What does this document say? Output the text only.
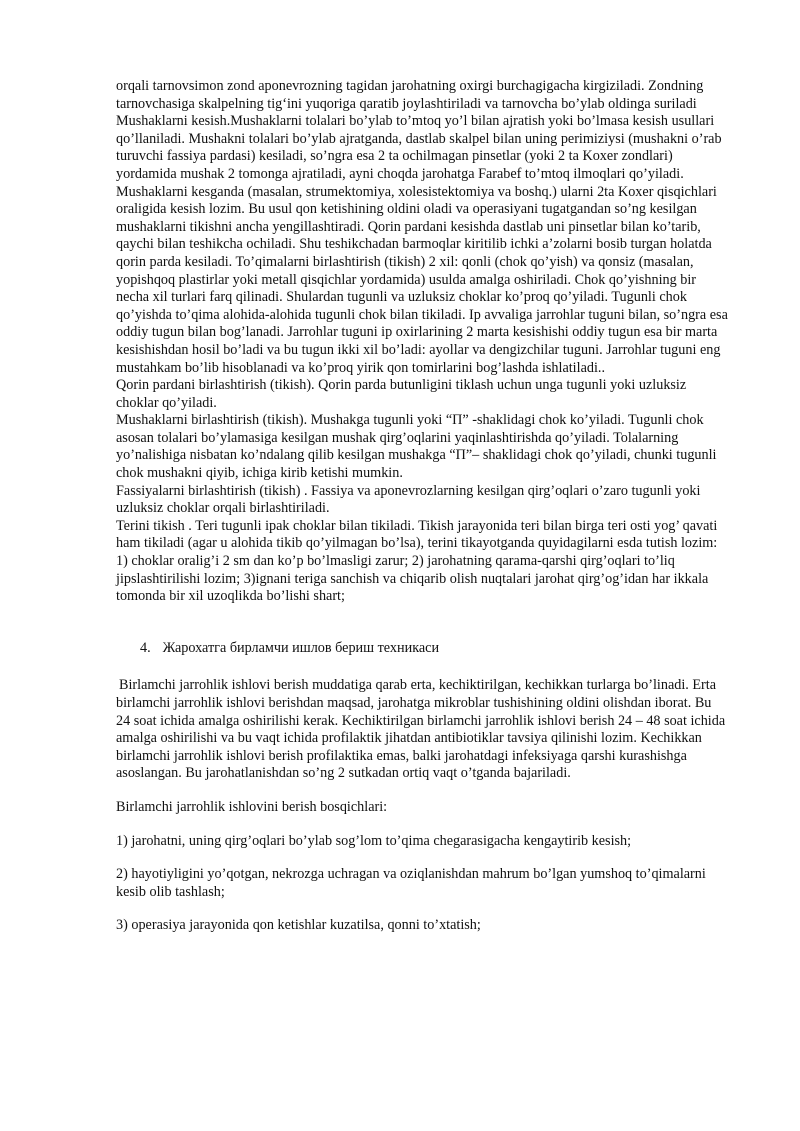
orqali tarnovsimon zond aponevrozning tagidan jarohatning oxirgi burchagigacha kirgiziladi. Zondning tarnovchasiga skalpelning tig‘ini yuqoriga qaratib joylashtiriladi va tarnovcha bo’ylab oldinga suriladi

Mushaklarni kesish.Mushaklarni tolalari bo’ylab to’mtoq yo’l bilan ajratish yoki bo’lmasa kesish usullari qo’llaniladi. Mushakni tolalari bo’ylab ajratganda, dastlab skalpel bilan uning perimiziysi (mushakni o’rab turuvchi fassiya pardasi) kesiladi, so’ngra esa 2 ta ochilmagan pinsetlar (yoki 2 ta Koxer zondlari) yordamida mushak 2 tomonga ajratiladi, ayni choqda jarohatga Farabef to’mtoq ilmoqlari qo’yiladi. Mushaklarni kesganda (masalan, strumektomiya, xolesistektomiya va boshq.) ularni 2ta Koxer qisqichlari oraligida kesish lozim. Bu usul qon ketishining oldini oladi va operasiyani tugatgandan so’ng kesilgan mushaklarni tikishni ancha yengillashtiradi. Qorin pardani kesishda dastlab uni pinsetlar bilan ko’tarib, qaychi bilan teshikcha ochiladi. Shu teshikchadan barmoqlar kiritilib ichki a’zolarni bosib turgan holatda qorin parda kesiladi. To’qimalarni birlashtirish (tikish) 2 xil: qonli (chok qo’yish) va qonsiz (masalan, yopishqoq plastirlar yoki metall qisqichlar yordamida) usulda amalga oshiriladi. Chok qo’yishning bir necha xil turlari farq qilinadi. Shulardan tugunli va uzluksiz choklar ko’proq qo’yiladi. Tugunli chok qo’yishda to’qima alohida-alohida tugunli chok bilan tikiladi. Ip avvaliga jarrohlar tuguni bilan, so’ngra esa oddiy tugun bilan bog’lanadi. Jarrohlar tuguni ip oxirlarining 2 marta kesishishi oddiy tugun esa bir marta kesishishdan hosil bo’ladi va bu tugun ikki xil bo’ladi: ayollar va dengizchilar tuguni. Jarrohlar tuguni eng mustahkam bo’lib hisoblanadi va ko’proq yirik qon tomirlarini bog’lashda ishlatiladi..

Qorin pardani birlashtirish (tikish). Qorin parda butunligini tiklash uchun unga tugunli yoki uzluksiz choklar qo’yiladi.

Mushaklarni birlashtirish (tikish). Mushakga tugunli yoki “П” -shaklidagi chok ko’yiladi. Tugunli chok asosan tolalari bo’ylamasiga kesilgan mushak qirg’oqlarini yaqinlashtirishda qo’yiladi. Tolalarning yo’nalishiga nisbatan ko’ndalang qilib kesilgan mushakga “П”– shaklidagi chok qo’yiladi, chunki tugunli chok mushakni qiyib, ichiga kirib ketishi mumkin.

Fassiyalarni birlashtirish (tikish) . Fassiya va aponevrozlarning kesilgan qirg’oqlari o’zaro tugunli yoki uzluksiz choklar orqali birlashtiriladi.

Terini tikish . Teri tugunli ipak choklar bilan tikiladi. Tikish jarayonida teri bilan birga teri osti yog’ qavati ham tikiladi (agar u alohida tikib qo’yilmagan bo’lsa), terini tikayotganda quyidagilarni esda tutish lozim: 1) choklar oralig’i 2 sm dan ko’p bo’lmasligi zarur; 2) jarohatning qarama-qarshi qirg’oqlari to’liq jipslashtirilishi lozim; 3)ignani teriga sanchish va chiqarib olish nuqtalari jarohat qirg’og’idan har ikkala tomonda bir xil uzoqlikda bo’lishi shart;

4. Жарохатга бирламчи ишлов бериш техникаси

Birlamchi jarrohlik ishlovi berish muddatiga qarab erta, kechiktirilgan, kechikkan turlarga bo’linadi. Erta birlamchi jarrohlik ishlovi berishdan maqsad, jarohatga mikroblar tushishining oldini olishdan iborat. Bu 24 soat ichida amalga oshirilishi kerak. Kechiktirilgan birlamchi jarrohlik ishlovi berish 24 – 48 soat ichida amalga oshirilishi va bu vaqt ichida profilaktik jihatdan antibiotiklar tavsiya qilinishi lozim. Kechikkan birlamchi jarrohlik ishlovi berish profilaktika emas, balki jarohatdagi infeksiyaga qarshi kurashishga asoslangan. Bu jarohatlanishdan so’ng 2 sutkadan ortiq vaqt o’tganda bajariladi.

Birlamchi jarrohlik ishlovini berish bosqichlari:

1) jarohatni, uning qirg’oqlari bo’ylab sog’lom to’qima chegarasigacha kengaytirib kesish;

2) hayotiyligini yo’qotgan, nekrozga uchragan va oziqlanishdan mahrum bo’lgan yumshoq to’qimalarni kesib olib tashlash;

3) operasiya jarayonida qon ketishlar kuzatilsa, qonni to’xtatish;
